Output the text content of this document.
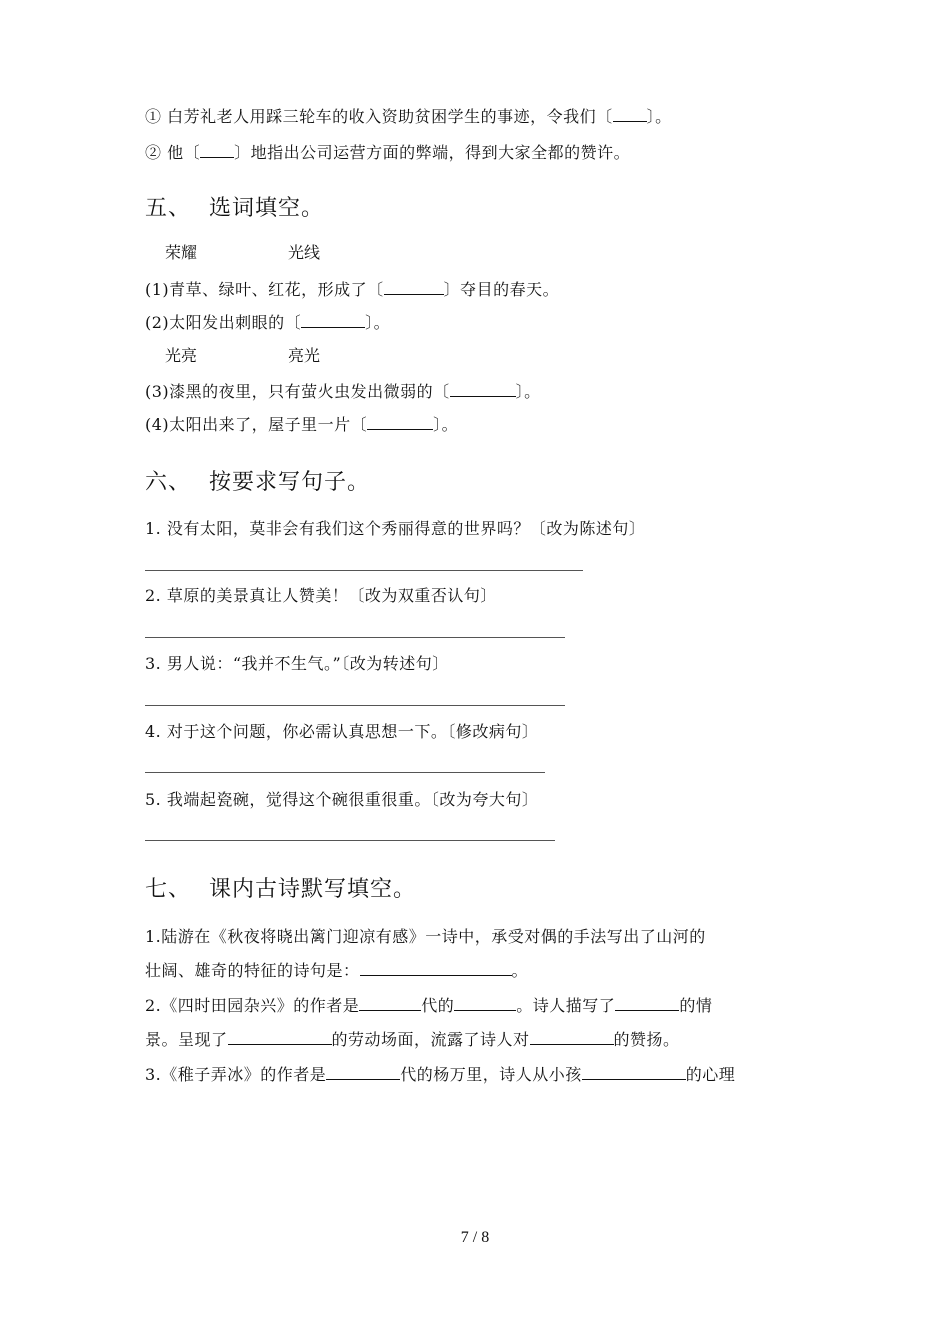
① 白芳礼老人用踩三轮车的收入资助贫困学生的事迹，令我们〔 〕。
② 他〔 〕地指出公司运营方面的弊端，得到大家全都的赞许。
五、 选词填空。
荣耀	光线
(1)青草、绿叶、红花，形成了〔	〕夺目的春天。
(2)太阳发出刺眼的〔	〕。
光亮	亮光
(3)漆黑的夜里，只有萤火虫发出微弱的〔	〕。
(4)太阳出来了，屋子里一片〔	〕。
六、 按要求写句子。
1. 没有太阳，莫非会有我们这个秀丽得意的世界吗？〔改为陈述句〕
2. 草原的美景真让人赞美！〔改为双重否认句〕
3. 男人说：“我并不生气。”〔改为转述句〕
4. 对于这个问题，你必需认真思想一下。〔修改病句〕
5. 我端起瓷碗，觉得这个碗很重很重。〔改为夸大句〕
七、 课内古诗默写填空。
1.陆游在《秋夜将晓出篱门迎凉有感》一诗中，承受对偶的手法写出了山河的
壮阔、雄奇的特征的诗句是：	。
2.《四时田园杂兴》的作者是	代的	。诗人描写了	的情
景。呈现了	的劳动场面，流露了诗人对	的赞扬。
3.《稚子弄冰》的作者是	代的杨万里，诗人从小孩	的心理
7 / 8
